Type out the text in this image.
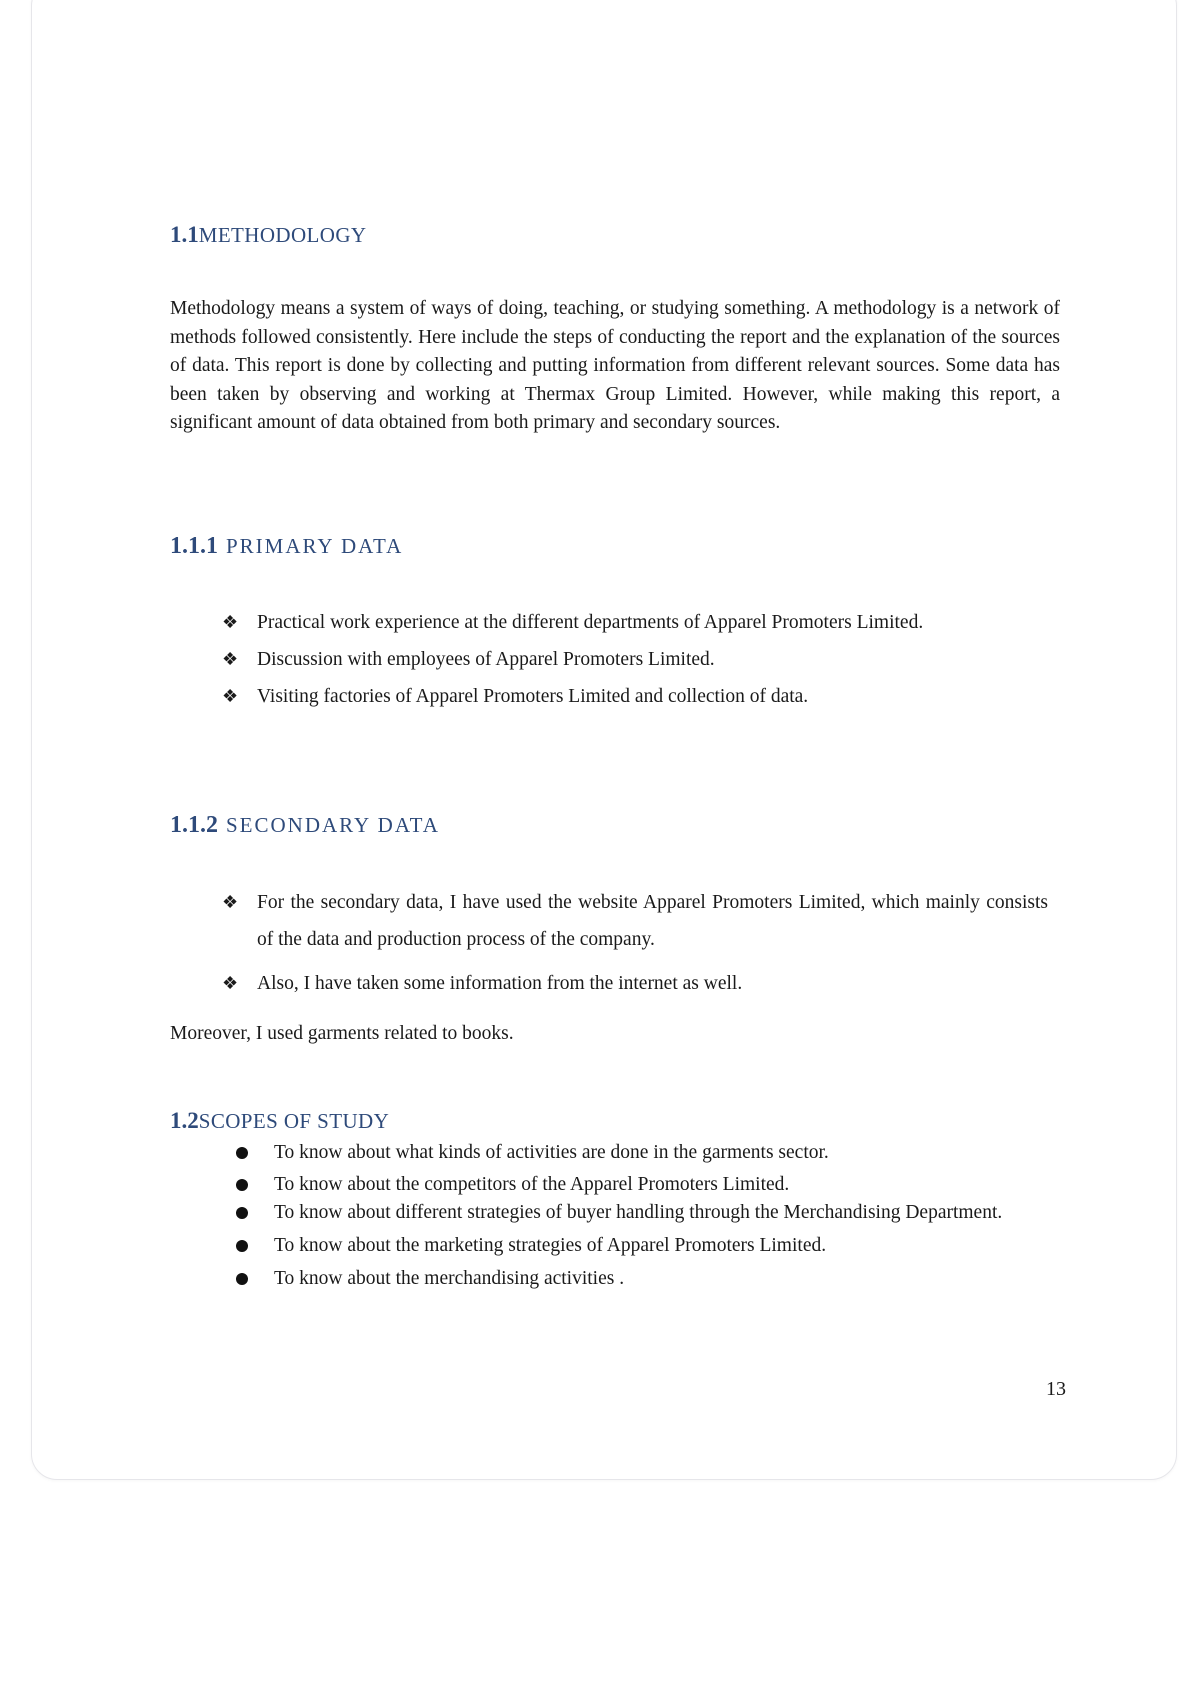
1.1METHODOLOGY
Methodology means a system of ways of doing, teaching, or studying something. A methodology is a network of methods followed consistently. Here include the steps of conducting the report and the explanation of the sources of data. This report is done by collecting and putting information from different relevant sources. Some data has been taken by observing and working at Thermax Group Limited. However, while making this report, a significant amount of data obtained from both primary and secondary sources.
1.1.1 PRIMARY DATA
❖ Practical work experience at the different departments of Apparel Promoters Limited.
❖ Discussion with employees of Apparel Promoters Limited.
❖ Visiting factories of Apparel Promoters Limited and collection of data.
1.1.2 SECONDARY DATA
❖ For the secondary data, I have used the website Apparel Promoters Limited, which mainly consists of the data and production process of the company.
❖ Also, I have taken some information from the internet as well.
Moreover, I used garments related to books.
1.2SCOPES OF STUDY
To know about what kinds of activities are done in the garments sector.
To know about the competitors of the Apparel Promoters Limited.
To know about different strategies of buyer handling through the Merchandising Department.
To know about the marketing strategies of Apparel Promoters Limited.
To know about the merchandising activities .
13
